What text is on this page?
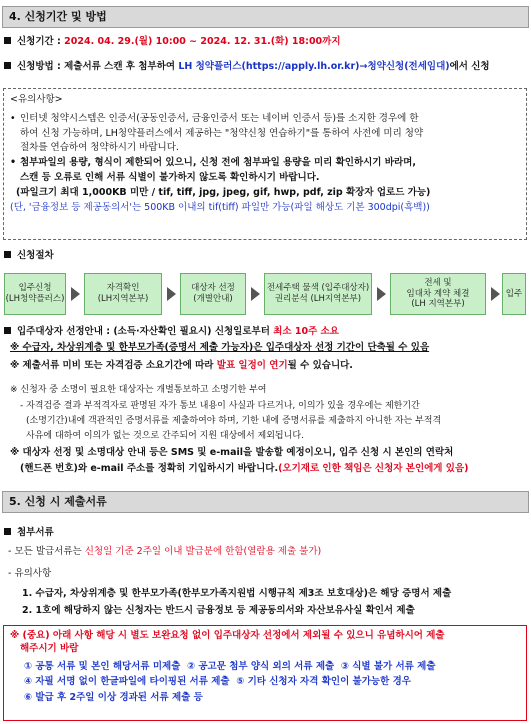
4. 신청기간 및 방법
신청기간 : 2024. 04. 29.(월) 10:00 ~ 2024. 12. 31.(화) 18:00까지
신청방법 : 제출서류 스캔 후 첨부하여 LH 청약플러스(https://apply.lh.or.kr)→청약신청(전세임대)에서 신청
<유의사항>
• 인터넷 청약시스템은 인증서(공동인증서, 금융인증서 또는 네이버 인증서 등)를 소지한 경우에 한
하여 신청 가능하며, LH청약플러스에서 제공하는 "청약신청 연습하기"를 통하여 사전에 미리 청약
절차를 연습하여 청약하시기 바랍니다.
• 첨부파일의 용량, 형식이 제한되어 있으니, 신청 전에 첨부파일 용량을 미리 확인하시기 바라며,
스캔 등 오류로 인해 서류 식별이 불가하지 않도록 확인하시기 바랍니다.
(파일크기 최대 1,000KB 미만 / tif, tiff, jpg, jpeg, gif, hwp, pdf, zip 확장자 업로드 가능)
(단, '금융정보 등 제공동의서'는 500KB 이내의 tif(tiff) 파일만 가능(파일 해상도 기본 300dpi(흑백))
신청절차
입주신청
(LH청약플러스)
자격확인
(LH지역본부)
대상자 선정
(개별안내)
전세주택 물색 (입주대상자)
권리분석 (LH지역본부)
전세 및
임대차 계약 체결
(LH 지역본부)
입주
입주대상자 선정안내 : (소득·자산확인 필요시) 신청일로부터 최소 10주 소요
※ 수급자, 차상위계층 및 한부모가족(증명서 제출 가능자)은 입주대상자 선정 기간이 단축될 수 있음
※ 제출서류 미비 또는 자격검증 소요기간에 따라 발표 일정이 연기될 수 있습니다.
※ 신청자 중 소명이 필요한 대상자는 개별통보하고 소명기한 부여
- 자격검증 결과 부적격자로 판명된 자가 통보 내용이 사실과 다르거나, 이의가 있을 경우에는 제한기간
(소명기간)내에 객관적인 증명서류를 제출하여야 하며, 기한 내에 증명서류를 제출하지 아니한 자는 부적격
사유에 대하여 이의가 없는 것으로 간주되어 지원 대상에서 제외됩니다.
※ 대상자 선정 및 소명대상 안내 등은 SMS 및 e-mail을 발송할 예정이오니, 입주 신청 시 본인의 연락처
(핸드폰 번호)와 e-mail 주소를 정확히 기입하시기 바랍니다.(오기재로 인한 책임은 신청자 본인에게 있음)
5. 신청 시 제출서류
첨부서류
- 모든 발급서류는 신청일 기준 2주일 이내 발급분에 한함(열람용 제출 불가)
- 유의사항
1. 수급자, 차상위계층 및 한부모가족(한부모가족지원법 시행규칙 제3조 보호대상)은 해당 증명서 제출
2. 1호에 해당하지 않는 신청자는 반드시 금융정보 등 제공동의서와 자산보유사실 확인서 제출
※ (중요) 아래 사항 해당 시 별도 보완요청 없이 입주대상자 선정에서 제외될 수 있으니 유념하시어 제출
해주시기 바람
① 공통 서류 및 본인 해당서류 미제출 ② 공고문 첨부 양식 외의 서류 제출 ③ 식별 불가 서류 제출
④ 자필 서명 없이 한글파일에 타이핑된 서류 제출 ⑤ 기타 신청자 자격 확인이 불가능한 경우
⑥ 발급 후 2주일 이상 경과된 서류 제출 등
